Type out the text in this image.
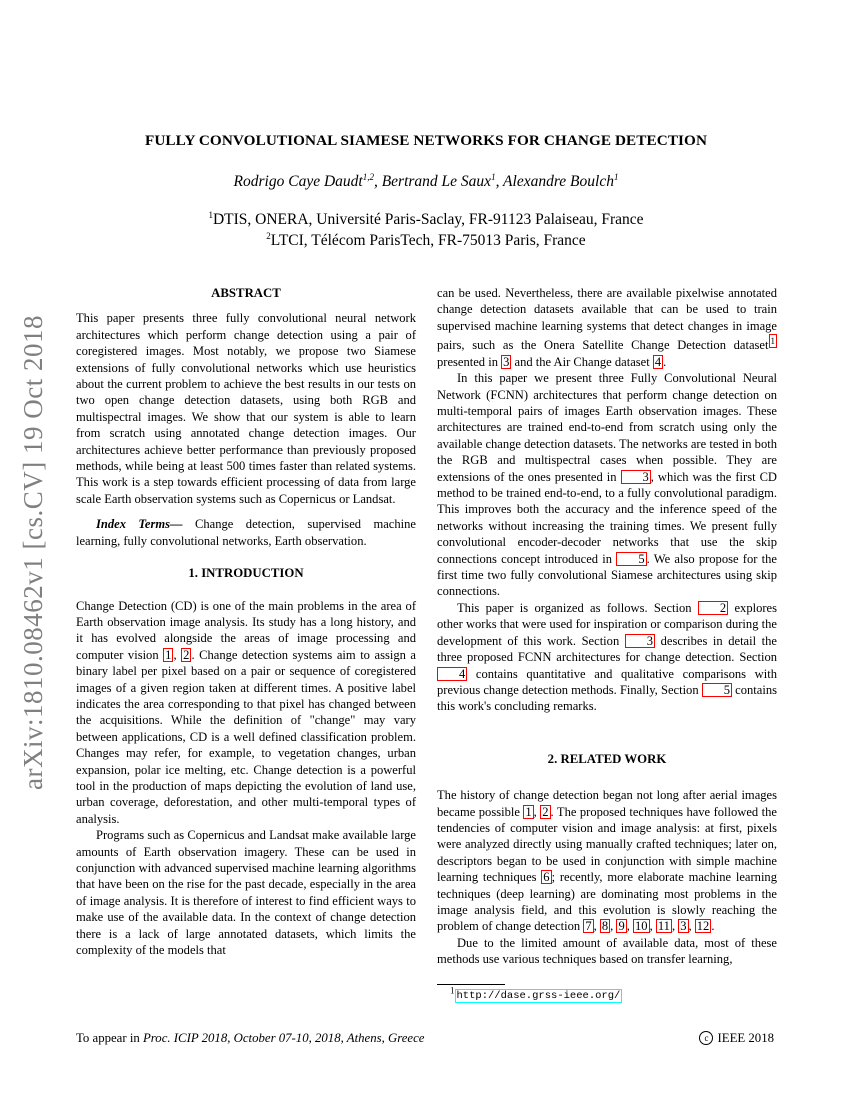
arXiv:1810.08462v1 [cs.CV] 19 Oct 2018
FULLY CONVOLUTIONAL SIAMESE NETWORKS FOR CHANGE DETECTION
Rodrigo Caye Daudt$^{1,2}$, Bertrand Le Saux$^1$, Alexandre Boulch$^1$
$^1$DTIS, ONERA, Université Paris-Saclay, FR-91123 Palaiseau, France
$^2$LTCI, Télécom ParisTech, FR-75013 Paris, France
ABSTRACT

This paper presents three fully convolutional neural network architectures which perform change detection using a pair of coregistered images. Most notably, we propose two Siamese extensions of fully convolutional networks which use heuristics about the current problem to achieve the best results in our tests on two open change detection datasets, using both RGB and multispectral images. We show that our system is able to learn from scratch using annotated change detection images. Our architectures achieve better performance than previously proposed methods, while being at least 500 times faster than related systems. This work is a step towards efficient processing of data from large scale Earth observation systems such as Copernicus or Landsat.

Index Terms— Change detection, supervised machine learning, fully convolutional networks, Earth observation.

1. INTRODUCTION

Change Detection (CD) is one of the main problems in the area of Earth observation image analysis. Its study has a long history, and it has evolved alongside the areas of image processing and computer vision 1 , 2 . Change detection systems aim to assign a binary label per pixel based on a pair or sequence of coregistered images of a given region taken at different times. A positive label indicates the area corresponding to that pixel has changed between the acquisitions. While the definition of "change" may vary between applications, CD is a well defined classification problem. Changes may refer, for example, to vegetation changes, urban expansion, polar ice melting, etc. Change detection is a powerful tool in the production of maps depicting the evolution of land use, urban coverage, deforestation, and other multi-temporal types of analysis.

Programs such as Copernicus and Landsat make available large amounts of Earth observation imagery. These can be used in conjunction with advanced supervised machine learning algorithms that have been on the rise for the past decade, especially in the area of image analysis. It is therefore of interest to find efficient ways to make use of the available data. In the context of change detection there is a lack of large annotated datasets, which limits the complexity of the models that

can be used. Nevertheless, there are available pixelwise annotated change detection datasets available that can be used to train supervised machine learning systems that detect changes in image pairs, such as the Onera Satellite Change Detection dataset $^1$ presented in 3 and the Air Change dataset 4 .

In this paper we present three Fully Convolutional Neural Network (FCNN) architectures that perform change detection on multi-temporal pairs of images Earth observation images. These architectures are trained end-to-end from scratch using only the available change detection datasets. The networks are tested in both the RGB and multispectral cases when possible. They are extensions of the ones presented in 3 , which was the first CD method to be trained end-to-end, to a fully convolutional paradigm. This improves both the accuracy and the inference speed of the networks without increasing the training times. We present fully convolutional encoder-decoder networks that use the skip connections concept introduced in 5 . We also propose for the first time two fully convolutional Siamese architectures using skip connections.

This paper is organized as follows. Section 2 explores other works that were used for inspiration or comparison during the development of this work. Section 3 describes in detail the three proposed FCNN architectures for change detection. Section 4 contains quantitative and qualitative comparisons with previous change detection methods. Finally, Section 5 contains this work's concluding remarks.

2. RELATED WORK

The history of change detection began not long after aerial images became possible 1 , 2 . The proposed techniques have followed the tendencies of computer vision and image analysis: at first, pixels were analyzed directly using manually crafted techniques; later on, descriptors began to be used in conjunction with simple machine learning techniques 6 ; recently, more elaborate machine learning techniques (deep learning) are dominating most problems in the image analysis field, and this evolution is slowly reaching the problem of change detection 7 , 8 , 9 , 10 , 11 , 3 , 12 .

Due to the limited amount of available data, most of these methods use various techniques based on transfer learning,

$^1$ http://dase.grss-ieee.org/
To appear in Proc. ICIP 2018, October 07-10, 2018, Athens, Greece	c IEEE 2018
